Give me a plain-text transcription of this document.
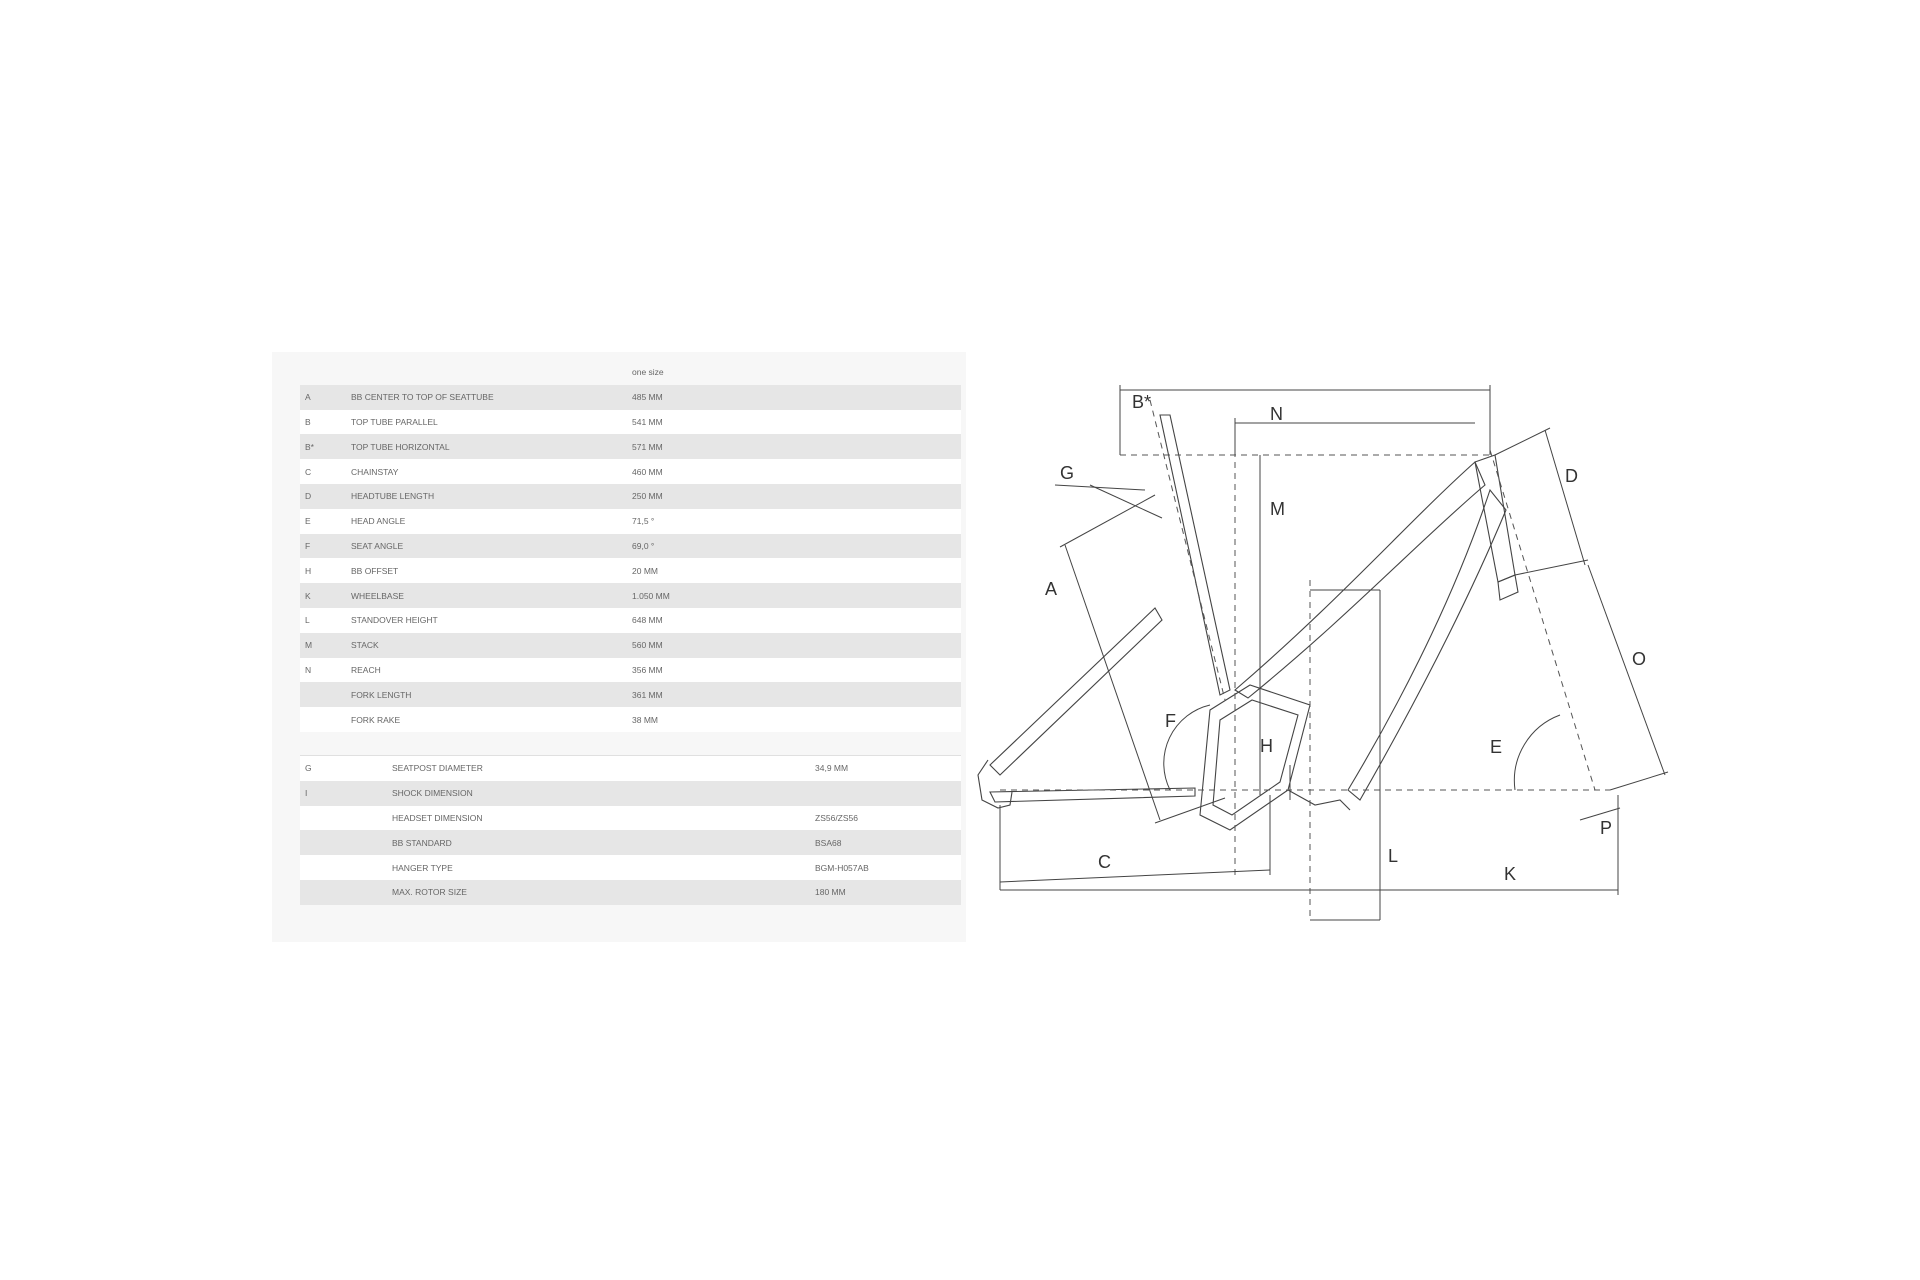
		one size
A	BB CENTER TO TOP OF SEATTUBE	485 MM
B	TOP TUBE PARALLEL	541 MM
B*	TOP TUBE HORIZONTAL	571 MM
C	CHAINSTAY	460 MM
D	HEADTUBE LENGTH	250 MM
E	HEAD ANGLE	71,5 °
F	SEAT ANGLE	69,0 °
H	BB OFFSET	20 MM
K	WHEELBASE	1.050 MM
L	STANDOVER HEIGHT	648 MM
M	STACK	560 MM
N	REACH	356 MM
	FORK LENGTH	361 MM
	FORK RAKE	38 MM
G	SEATPOST DIAMETER	34,9 MM
I	SHOCK DIMENSION	
	HEADSET DIMENSION	ZS56/ZS56
	BB STANDARD	BSA68
	HANGER TYPE	BGM-H057AB
	MAX. ROTOR SIZE	180 MM
B*
N
G
M
D
A
O
F
H	E
P
C	L
K
